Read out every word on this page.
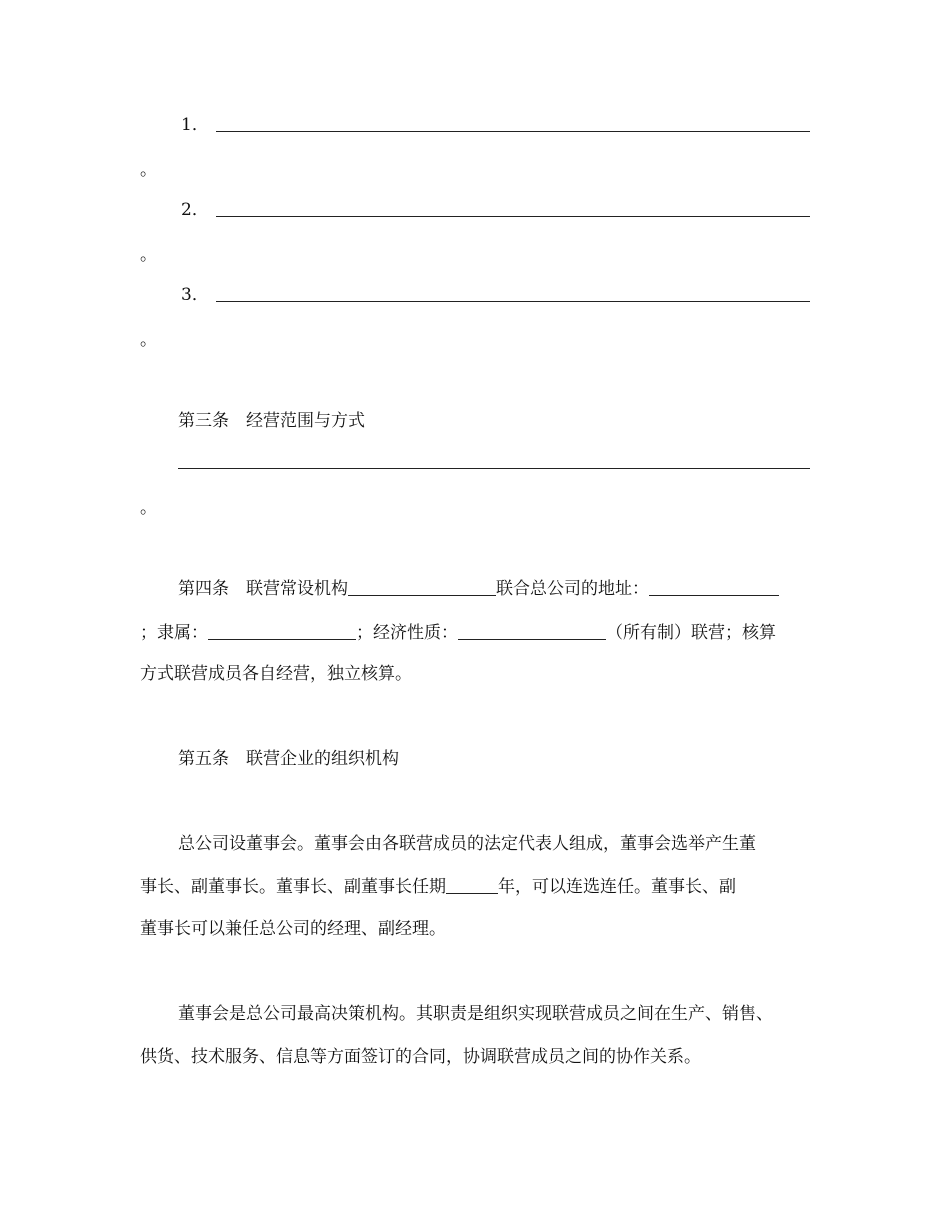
1．
。
2．
。
3．
。
第三条　经营范围与方式
。
第四条　联营常设机构	联合总公司的地址：
；隶属：	；经济性质：	（所有制）联营；核算
方式联营成员各自经营，独立核算。
第五条　联营企业的组织机构
总公司设董事会。董事会由各联营成员的法定代表人组成，董事会选举产生董
事长、副董事长。董事长、副董事长任期	年，可以连选连任。董事长、副
董事长可以兼任总公司的经理、副经理。
董事会是总公司最高决策机构。其职责是组织实现联营成员之间在生产、销售、
供货、技术服务、信息等方面签订的合同，协调联营成员之间的协作关系。
